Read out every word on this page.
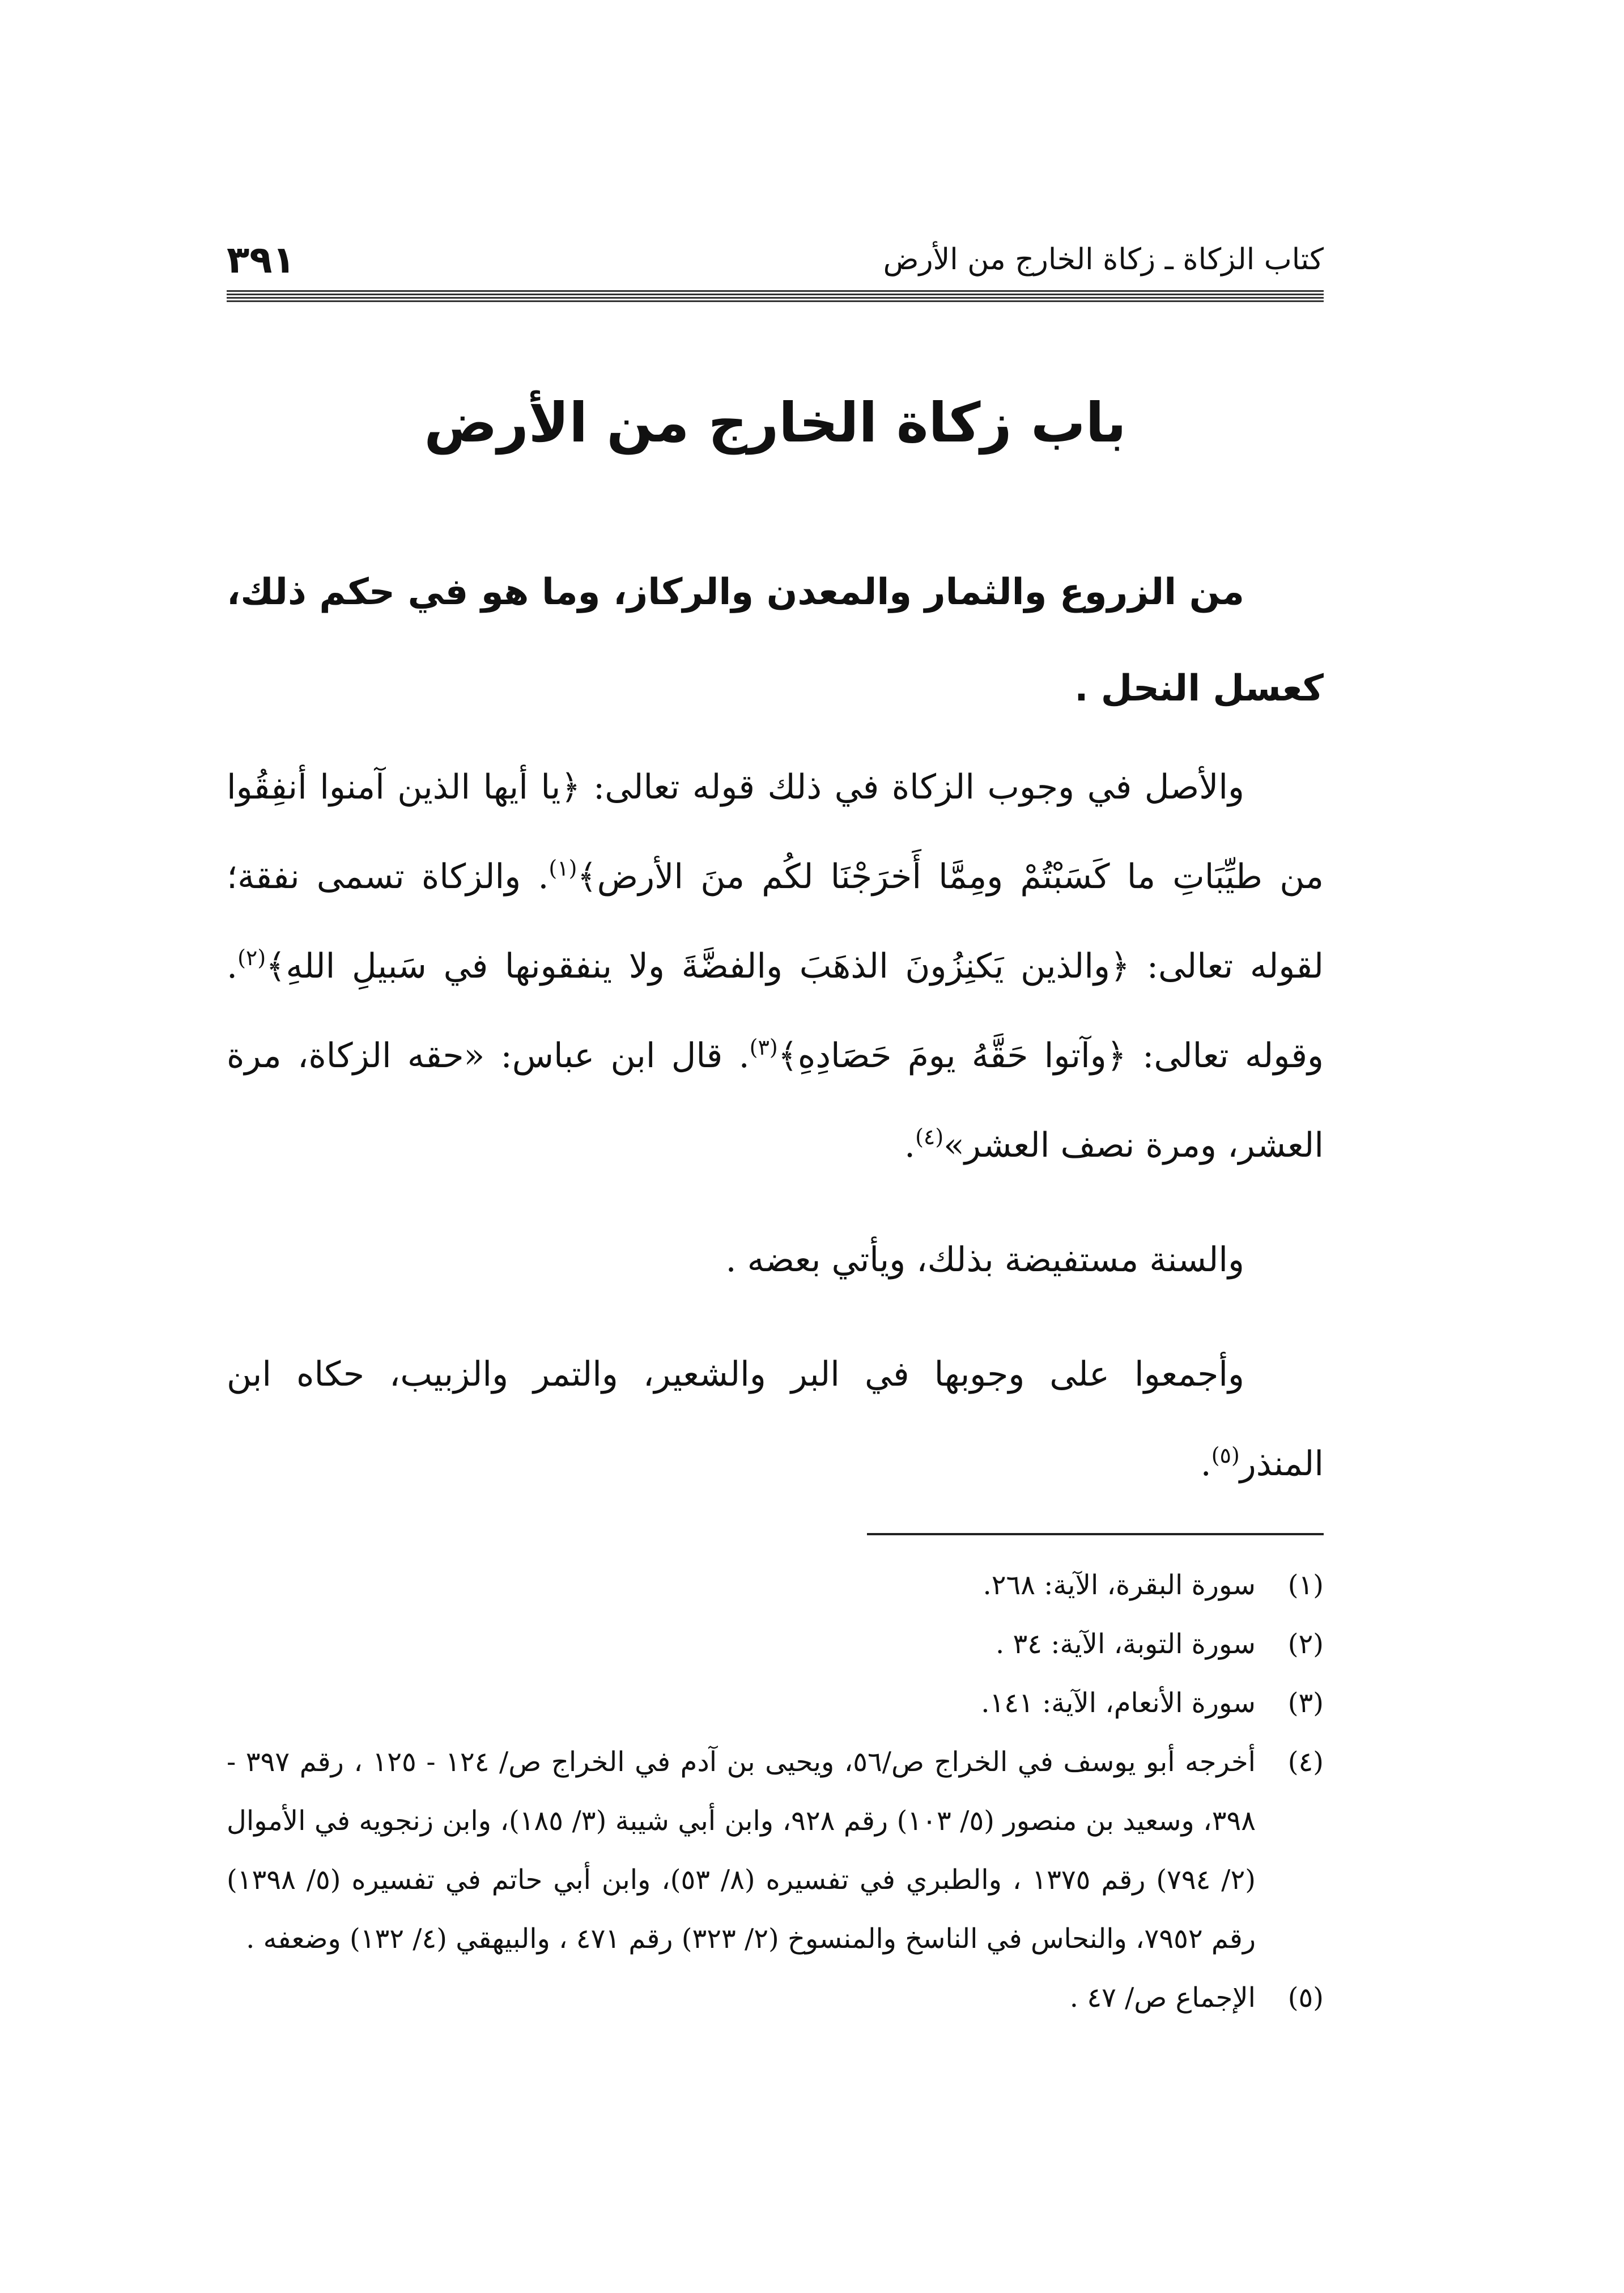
٣٩١	كتاب الزكاة ـ زكاة الخارج من الأرض
باب زكاة الخارج من الأرض
من الزروع والثمار والمعدن والركاز، وما هو في حكم ذلك، كعسل النحل .

والأصل في وجوب الزكاة في ذلك قوله تعالى: ﴿يا أيها الذين آمنوا أنفِقُوا من طيِّبَاتِ ما كَسَبْتُمْ ومِمَّا أَخرَجْنَا لكُم منَ الأرض﴾$^{(١)}$. والزكاة تسمى نفقة؛ لقوله تعالى: ﴿والذين يَكنِزُونَ الذهَبَ والفضَّةَ ولا ينفقونها في سَبيلِ اللهِ﴾$^{(٢)}$. وقوله تعالى: ﴿وآتوا حَقَّهُ يومَ حَصَادِهِ﴾$^{(٣)}$. قال ابن عباس: «حقه الزكاة، مرة العشر، ومرة نصف العشر»$^{(٤)}$.

والسنة مستفيضة بذلك، ويأتي بعضه .

وأجمعوا على وجوبها في البر والشعير، والتمر والزبيب، حكاه ابن المنذر$^{(٥)}$.

(١)
سورة البقرة، الآية: ٢٦٨.

(٢)
سورة التوبة، الآية: ٣٤ .

(٣)
سورة الأنعام، الآية: ١٤١.

(٤)
أخرجه أبو يوسف في الخراج ص/٥٦، ويحيى بن آدم في الخراج ص/ ١٢٤ - ١٢٥ ، رقم ٣٩٧ - ٣٩٨، وسعيد بن منصور (٥/ ١٠٣) رقم ٩٢٨، وابن أبي شيبة (٣/ ١٨٥)، وابن زنجويه في الأموال (٢/ ٧٩٤) رقم ١٣٧٥ ، والطبري في تفسيره (٨/ ٥٣)، وابن أبي حاتم في تفسيره (٥/ ١٣٩٨) رقم ٧٩٥٢، والنحاس في الناسخ والمنسوخ (٢/ ٣٢٣) رقم ٤٧١ ، والبيهقي (٤/ ١٣٢) وضعفه .

(٥)
الإجماع ص/ ٤٧ .
